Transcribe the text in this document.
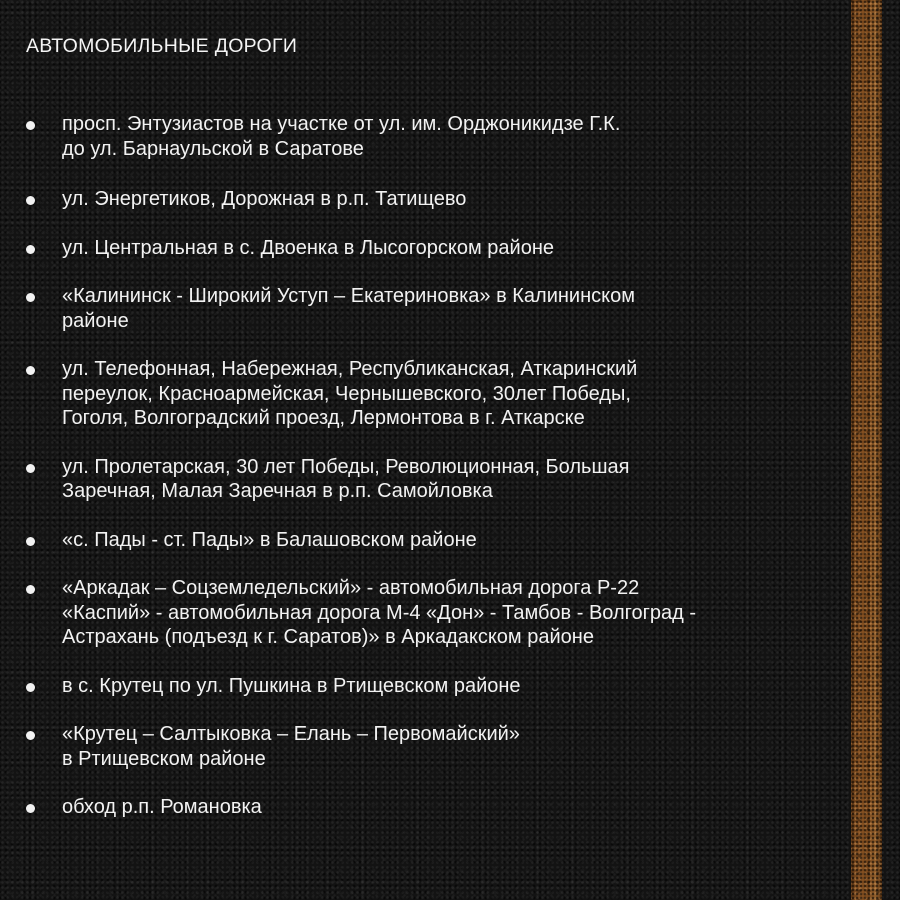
АВТОМОБИЛЬНЫЕ ДОРОГИ
просп. Энтузиастов на участке от ул. им. Орджоникидзе Г.К.
до ул. Барнаульской в Саратове
ул. Энергетиков, Дорожная в р.п. Татищево
ул. Центральная в с. Двоенка в Лысогорском районе
«Калининск - Широкий Уступ – Екатериновка» в Калининском
районе
ул. Телефонная, Набережная, Республиканская, Аткаринский
переулок, Красноармейская, Чернышевского, 30лет Победы,
Гоголя, Волгоградский проезд, Лермонтова в г. Аткарске
ул. Пролетарская, 30 лет Победы, Революционная, Большая
Заречная, Малая Заречная в р.п. Самойловка
«с. Пады - ст. Пады» в Балашовском районе
«Аркадак – Соцземледельский» - автомобильная дорога Р-22
«Каспий» - автомобильная дорога М-4 «Дон» - Тамбов - Волгоград -
Астрахань (подъезд к г. Саратов)» в Аркадакском районе
в с. Крутец по ул. Пушкина в Ртищевском районе
«Крутец – Салтыковка – Елань – Первомайский»
в Ртищевском районе
обход р.п. Романовка
